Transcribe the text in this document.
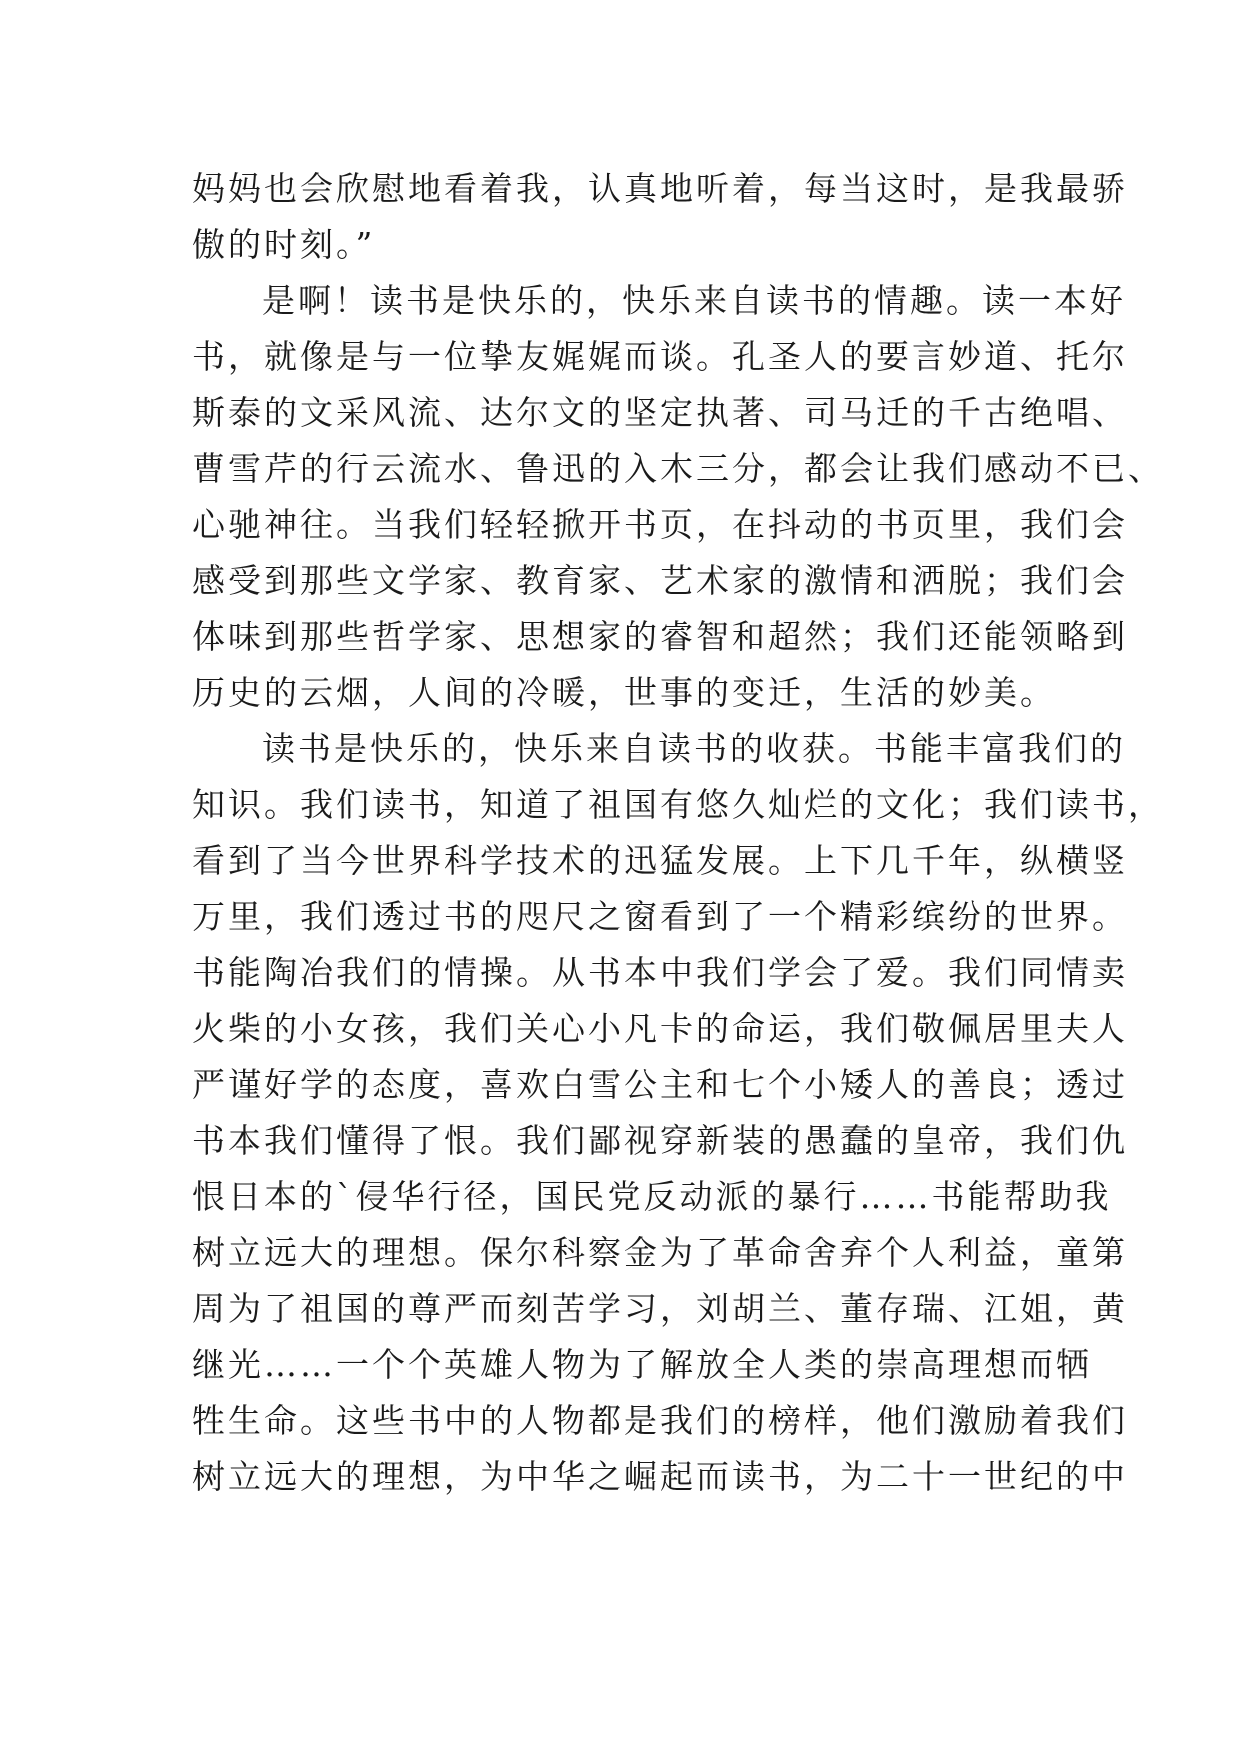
妈妈也会欣慰地看着我，认真地听着，每当这时，是我最骄
傲的时刻。”
是啊！读书是快乐的，快乐来自读书的情趣。读一本好
书，就像是与一位挚友娓娓而谈。孔圣人的要言妙道、托尔
斯泰的文采风流、达尔文的坚定执著、司马迁的千古绝唱、
曹雪芹的行云流水、鲁迅的入木三分，都会让我们感动不已、
心驰神往。当我们轻轻掀开书页，在抖动的书页里，我们会
感受到那些文学家、教育家、艺术家的激情和洒脱；我们会
体味到那些哲学家、思想家的睿智和超然；我们还能领略到
历史的云烟，人间的冷暖，世事的变迁，生活的妙美。
读书是快乐的，快乐来自读书的收获。书能丰富我们的
知识。我们读书，知道了祖国有悠久灿烂的文化；我们读书，
看到了当今世界科学技术的迅猛发展。上下几千年，纵横竖
万里，我们透过书的咫尺之窗看到了一个精彩缤纷的世界。
书能陶冶我们的情操。从书本中我们学会了爱。我们同情卖
火柴的小女孩，我们关心小凡卡的命运，我们敬佩居里夫人
严谨好学的态度，喜欢白雪公主和七个小矮人的善良；透过
书本我们懂得了恨。我们鄙视穿新装的愚蠢的皇帝，我们仇
恨日本的`侵华行径，国民党反动派的暴行……书能帮助我
树立远大的理想。保尔科察金为了革命舍弃个人利益，童第
周为了祖国的尊严而刻苦学习，刘胡兰、董存瑞、江姐，黄
继光……一个个英雄人物为了解放全人类的崇高理想而牺
牲生命。这些书中的人物都是我们的榜样，他们激励着我们
树立远大的理想，为中华之崛起而读书，为二十一世纪的中
